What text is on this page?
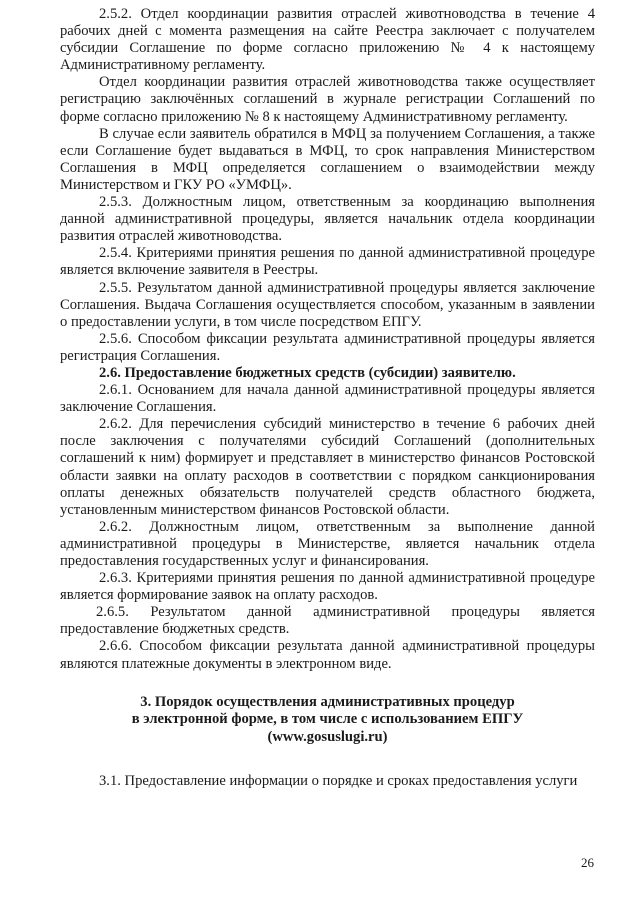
2.5.2. Отдел координации развития отраслей животноводства в течение 4 рабочих дней с момента размещения на сайте Реестра заключает с получателем субсидии Соглашение по форме согласно приложению № 4 к настоящему Административному регламенту.

Отдел координации развития отраслей животноводства также осуществляет регистрацию заключённых соглашений в журнале регистрации Соглашений по форме согласно приложению № 8 к настоящему Административному регламенту.

В случае если заявитель обратился в МФЦ за получением Соглашения, а также если Соглашение будет выдаваться в МФЦ, то срок направления Министерством Соглашения в МФЦ определяется соглашением о взаимодействии между Министерством и ГКУ РО «УМФЦ».

2.5.3. Должностным лицом, ответственным за координацию выполнения данной административной процедуры, является начальник отдела координации развития отраслей животноводства.

2.5.4. Критериями принятия решения по данной административной процедуре является включение заявителя в Реестры.

2.5.5. Результатом данной административной процедуры является заключение Соглашения. Выдача Соглашения осуществляется способом, указанным в заявлении о предоставлении услуги, в том числе посредством ЕПГУ.

2.5.6. Способом фиксации результата административной процедуры является регистрация Соглашения.

2.6. Предоставление бюджетных средств (субсидии) заявителю.

2.6.1. Основанием для начала данной административной процедуры является заключение Соглашения.

2.6.2. Для перечисления субсидий министерство в течение 6 рабочих дней после заключения с получателями субсидий Соглашений (дополнительных соглашений к ним) формирует и представляет в министерство финансов Ростовской области заявки на оплату расходов в соответствии с порядком санкционирования оплаты денежных обязательств получателей средств областного бюджета, установленным министерством финансов Ростовской области.

2.6.2. Должностным лицом, ответственным за выполнение данной административной процедуры в Министерстве, является начальник отдела предоставления государственных услуг и финансирования.

2.6.3. Критериями принятия решения по данной административной процедуре является формирование заявок на оплату расходов.

2.6.5. Результатом данной административной процедуры является предоставление бюджетных средств.

2.6.6. Способом фиксации результата данной административной процедуры являются платежные документы в электронном виде.

3. Порядок осуществления административных процедур
в электронной форме, в том числе с использованием ЕПГУ
(www.gosuslugi.ru)

3.1. Предоставление информации о порядке и сроках предоставления услуги

26
